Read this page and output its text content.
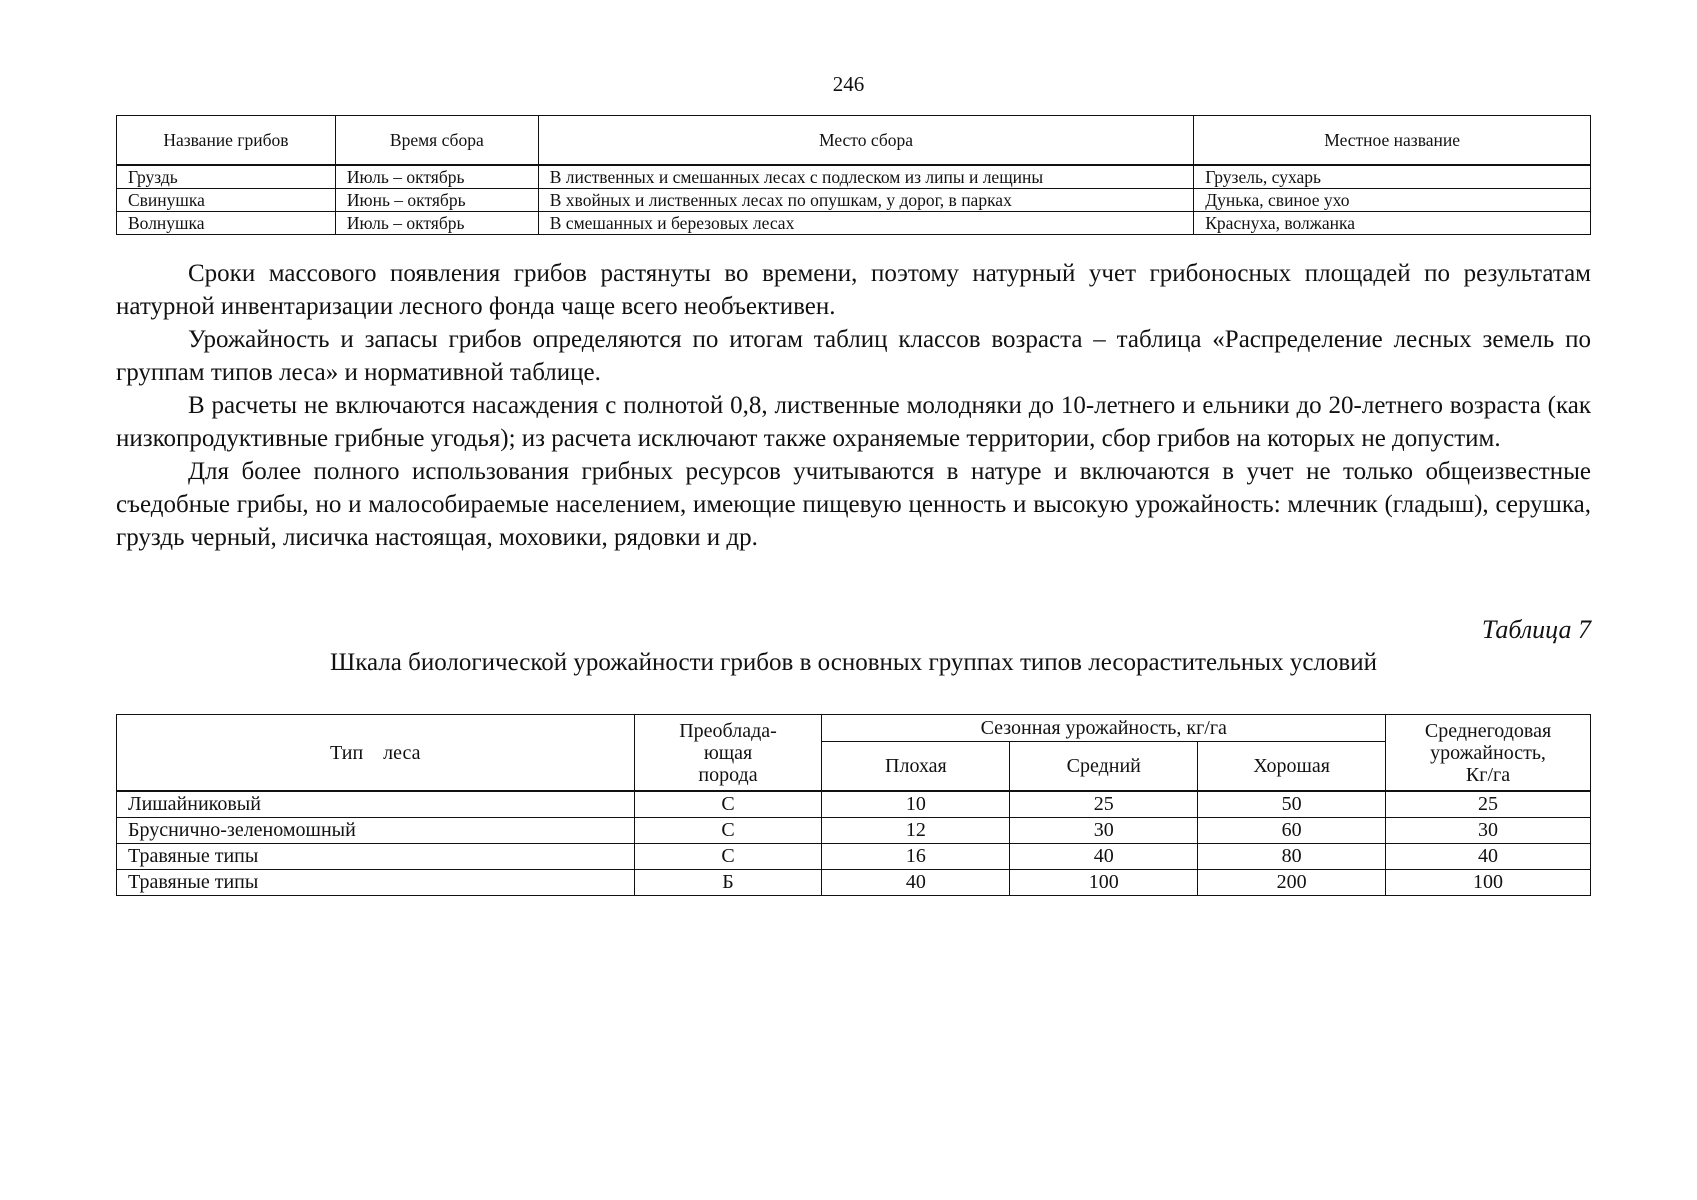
246
Название грибов	Время сбора	Место сбора	Местное название
Груздь	Июль – октябрь	В лиственных и смешанных лесах с подлеском из липы и лещины	Грузель, сухарь
Свинушка	Июнь – октябрь	В хвойных и лиственных лесах по опушкам, у дорог, в парках	Дунька, свиное ухо
Волнушка	Июль – октябрь	В смешанных и березовых лесах	Краснуха, волжанка

Сроки массового появления грибов растянуты во времени, поэтому натурный учет грибоносных площадей по результатам натурной инвентаризации лесного фонда чаще всего необъективен.

Урожайность и запасы грибов определяются по итогам таблиц классов возраста – таблица «Распределение лесных земель по группам типов леса» и нормативной таблице.

В расчеты не включаются насаждения с полнотой 0,8, лиственные молодняки до 10-летнего и ельники до 20-летнего возраста (как низкопродуктивные грибные угодья); из расчета исключают также охраняемые территории, сбор грибов на которых не допустим.

Для более полного использования грибных ресурсов учитываются в натуре и включаются в учет не только общеизвестные съедобные грибы, но и малособираемые населением, имеющие пищевую ценность и высокую урожайность: млечник (гладыш), серушка, груздь черный, лисичка настоящая, моховики, рядовки и др.

Таблица 7
Шкала биологической урожайности грибов в основных группах типов лесорастительных условий
Тип    леса	Преоблада-
ющая
порода	Сезонная урожайность, кг/га			Среднегодовая
урожайность,
Кг/га
		Плохая	Средний	Хорошая	
Лишайниковый	С	10	25	50	25
Бруснично-зеленомошный	С	12	30	60	30
Травяные типы	С	16	40	80	40
Травяные типы	Б	40	100	200	100
